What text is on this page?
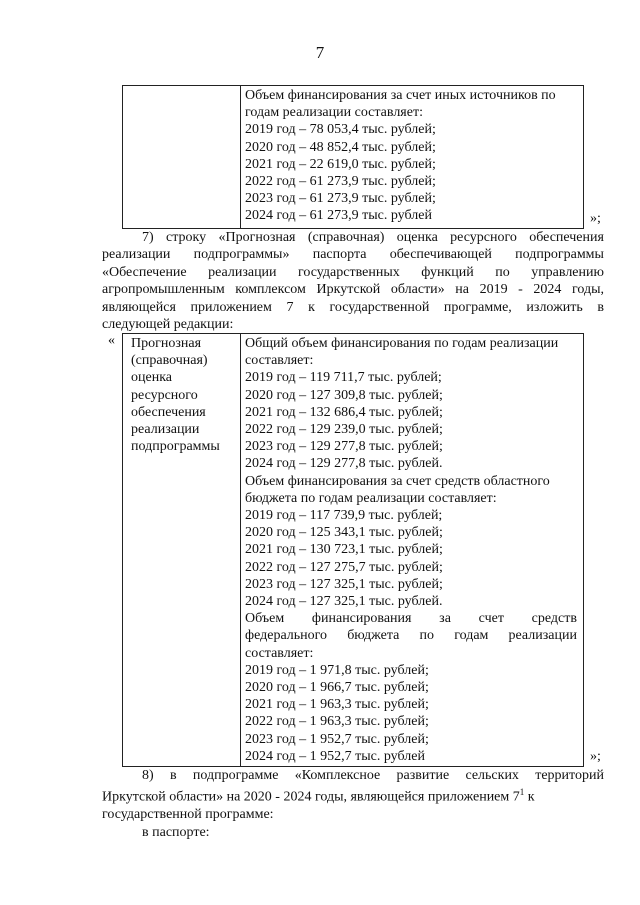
7
Объем финансирования за счет иных источников по
годам реализации составляет:
2019 год – 78 053,4 тыс. рублей;
2020 год – 48 852,4 тыс. рублей;
2021 год – 22 619,0 тыс. рублей;
2022 год – 61 273,9 тыс. рублей;
2023 год – 61 273,9 тыс. рублей;
2024 год – 61 273,9 тыс. рублей	»;
7) строку «Прогнозная (справочная) оценка ресурсного обеспечения
реализации подпрограммы» паспорта обеспечивающей подпрограммы
«Обеспечение реализации государственных функций по управлению
агропромышленным комплексом Иркутской области» на 2019 - 2024 годы,
являющейся приложением 7 к государственной программе, изложить в
следующей редакции:
« Прогнозная
(справочная)
оценка
ресурсного
обеспечения
реализации
подпрограммы
Общий объем финансирования по годам реализации
составляет:
2019 год – 119 711,7 тыс. рублей;
2020 год – 127 309,8 тыс. рублей;
2021 год – 132 686,4 тыс. рублей;
2022 год – 129 239,0 тыс. рублей;
2023 год – 129 277,8 тыс. рублей;
2024 год – 129 277,8 тыс. рублей.
Объем финансирования за счет средств областного
бюджета по годам реализации составляет:
2019 год – 117 739,9 тыс. рублей;
2020 год – 125 343,1 тыс. рублей;
2021 год – 130 723,1 тыс. рублей;
2022 год – 127 275,7 тыс. рублей;
2023 год – 127 325,1 тыс. рублей;
2024 год – 127 325,1 тыс. рублей.
Объем финансирования за счет средств
федерального бюджета по годам реализации
составляет:
2019 год – 1 971,8 тыс. рублей;
2020 год – 1 966,7 тыс. рублей;
2021 год – 1 963,3 тыс. рублей;
2022 год – 1 963,3 тыс. рублей;
2023 год – 1 952,7 тыс. рублей;
2024 год – 1 952,7 тыс. рублей	»;
8) в подпрограмме «Комплексное развитие сельских территорий
Иркутской области» на 2020 - 2024 годы, являющейся приложением $7^1$ к
государственной программе:
в паспорте:
